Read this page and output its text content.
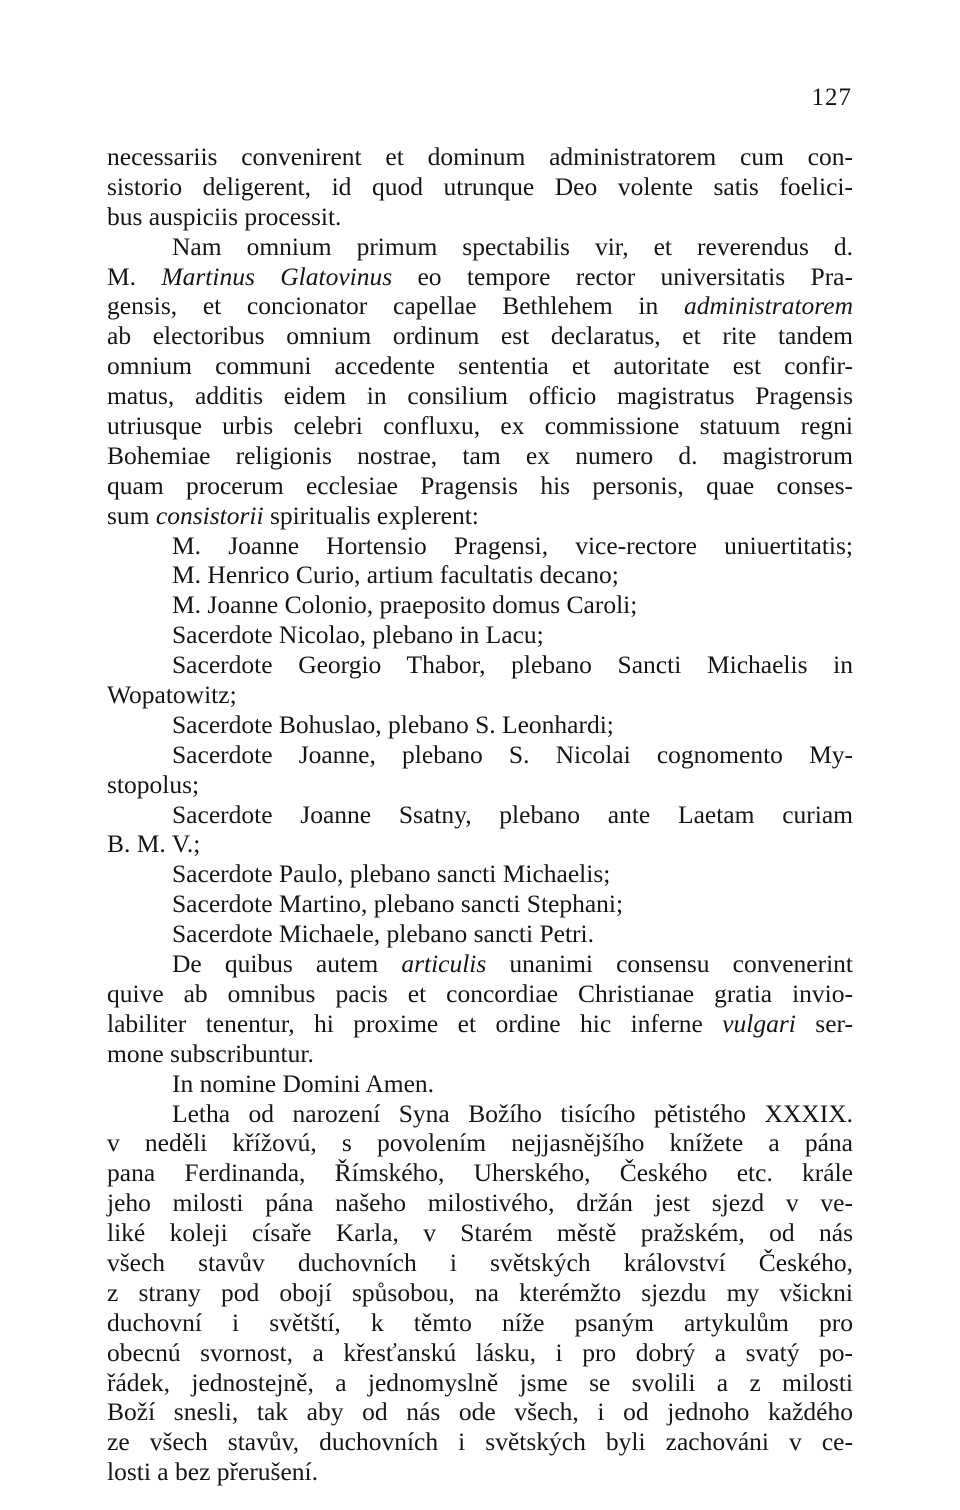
127
necessariis convenirent et dominum administratorem cum con-
sistorio deligerent, id quod utrunque Deo volente satis foelici-
bus auspiciis processit.
Nam omnium primum spectabilis vir, et reverendus d.
M. Martinus Glatovinus eo tempore rector universitatis Pra-
gensis, et concionator capellae Bethlehem in administratorem
ab electoribus omnium ordinum est declaratus, et rite tandem
omnium communi accedente sententia et autoritate est confir-
matus, additis eidem in consilium officio magistratus Pragensis
utriusque urbis celebri confluxu, ex commissione statuum regni
Bohemiae religionis nostrae, tam ex numero d. magistrorum
quam procerum ecclesiae Pragensis his personis, quae conses-
sum consistorii spiritualis explerent:
M. Joanne Hortensio Pragensi, vice-rectore uniuertitatis;
M. Henrico Curio, artium facultatis decano;
M. Joanne Colonio, praeposito domus Caroli;
Sacerdote Nicolao, plebano in Lacu;
Sacerdote Georgio Thabor, plebano Sancti Michaelis in
Wopatowitz;
Sacerdote Bohuslao, plebano S. Leonhardi;
Sacerdote Joanne, plebano S. Nicolai cognomento My-
stopolus;
Sacerdote Joanne Ssatny, plebano ante Laetam curiam
B. M. V.;
Sacerdote Paulo, plebano sancti Michaelis;
Sacerdote Martino, plebano sancti Stephani;
Sacerdote Michaele, plebano sancti Petri.
De quibus autem articulis unanimi consensu convenerint
quive ab omnibus pacis et concordiae Christianae gratia invio-
labiliter tenentur, hi proxime et ordine hic inferne vulgari ser-
mone subscribuntur.
In nomine Domini Amen.
Letha od narození Syna Božího tisícího pětistého XXXIX.
v neděli křížovú, s povolením nejjasnějšího knížete a pána
pana Ferdinanda, Římského, Uherského, Českého etc. krále
jeho milosti pána našeho milostivého, držán jest sjezd v ve-
liké koleji císaře Karla, v Starém městě pražském, od nás
všech stavův duchovních i světských království Českého,
z strany pod obojí spůsobou, na kterémžto sjezdu my všickni
duchovní i světští, k těmto níže psaným artykulům pro
obecnú svornost, a křesťanskú lásku, i pro dobrý a svatý po-
řádek, jednostejně, a jednomyslně jsme se svolili a z milosti
Boží snesli, tak aby od nás ode všech, i od jednoho každého
ze všech stavův, duchovních i světských byli zachováni v ce-
losti a bez přerušení.
